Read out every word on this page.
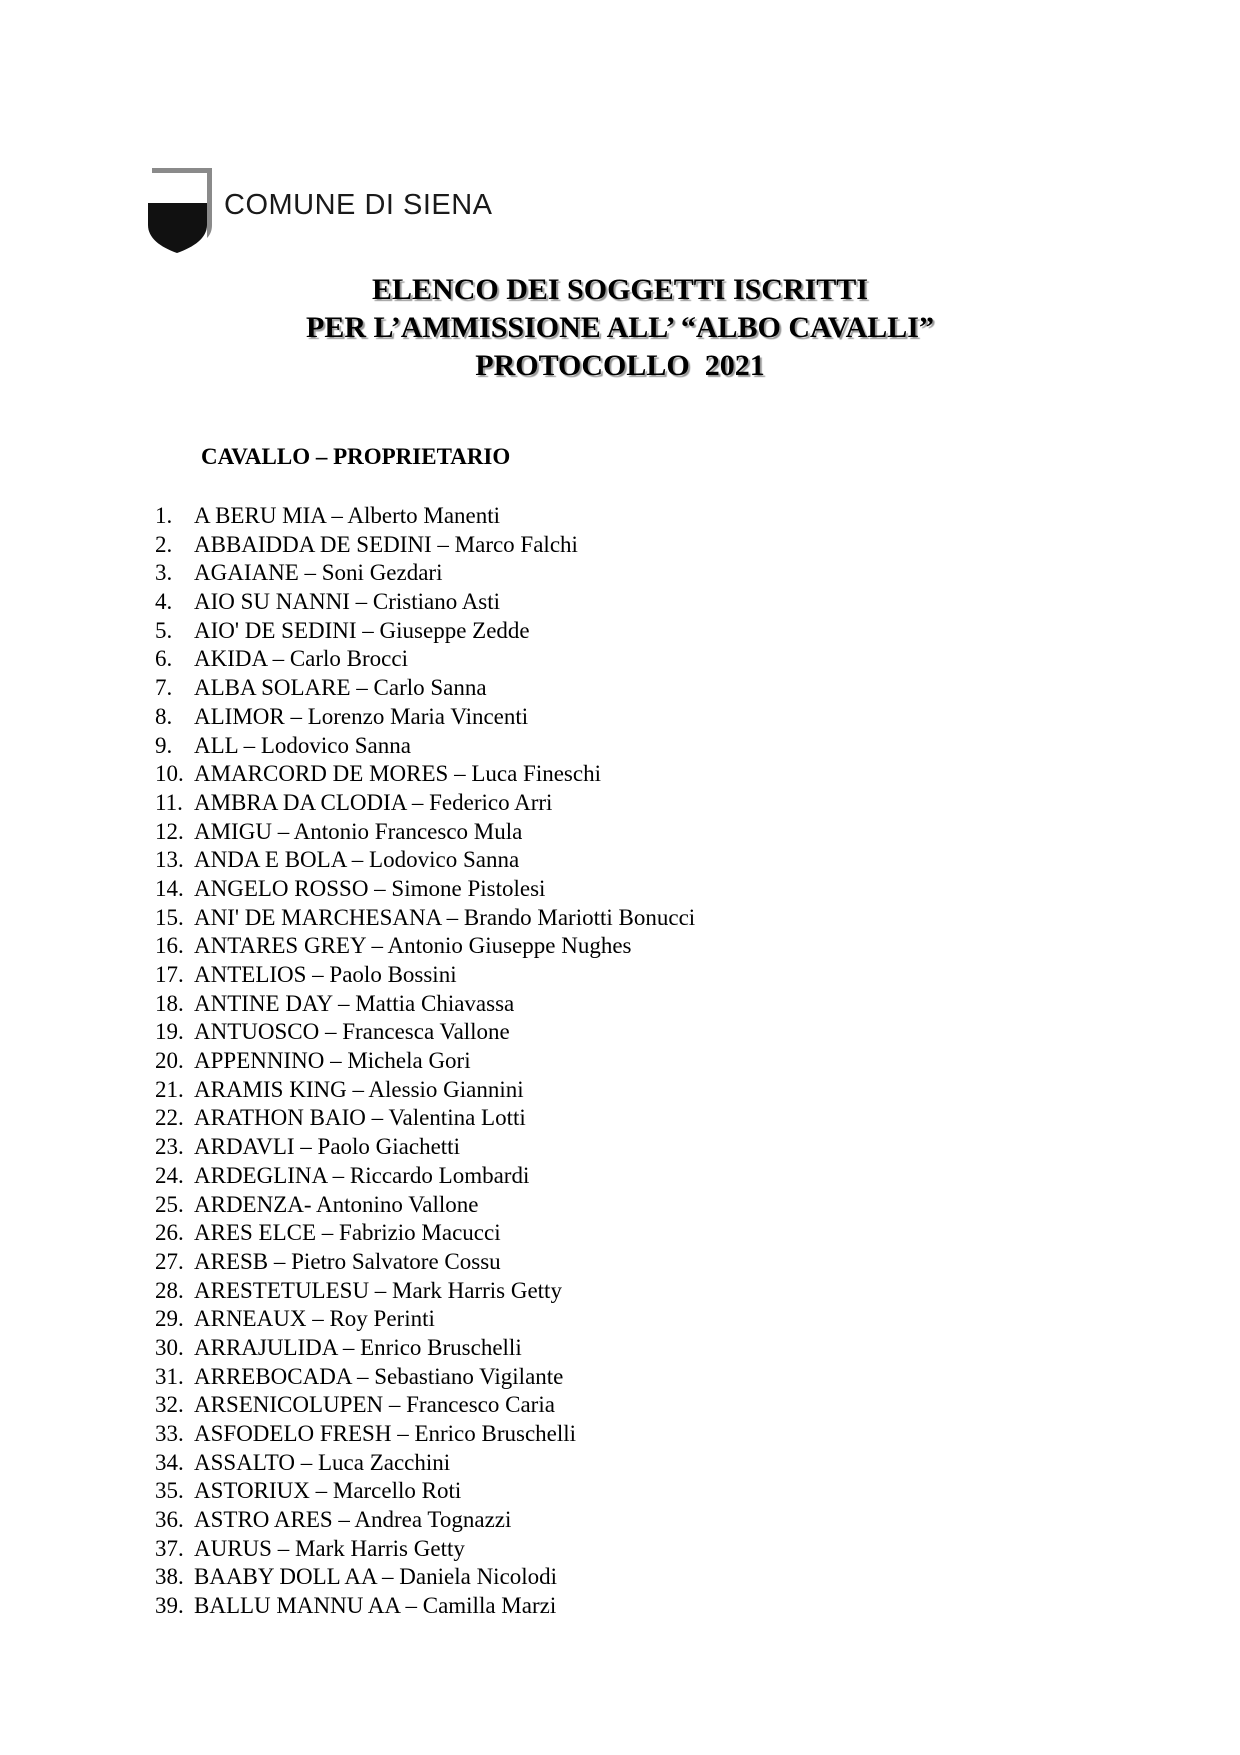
COMUNE DI SIENA
ELENCO DEI SOGGETTI ISCRITTI
PER L’AMMISSIONE ALL’ “ALBO CAVALLI”
PROTOCOLLO  2021
CAVALLO – PROPRIETARIO
1. A BERU MIA – Alberto Manenti
2. ABBAIDDA DE SEDINI – Marco Falchi
3. AGAIANE – Soni Gezdari
4. AIO SU NANNI – Cristiano Asti
5. AIO' DE SEDINI – Giuseppe Zedde
6. AKIDA – Carlo Brocci
7. ALBA SOLARE – Carlo Sanna
8. ALIMOR – Lorenzo Maria Vincenti
9. ALL – Lodovico Sanna
10. AMARCORD DE MORES – Luca Fineschi
11. AMBRA DA CLODIA – Federico Arri
12. AMIGU – Antonio Francesco Mula
13. ANDA E BOLA – Lodovico Sanna
14. ANGELO ROSSO – Simone Pistolesi
15. ANI' DE MARCHESANA – Brando Mariotti Bonucci
16. ANTARES GREY – Antonio Giuseppe Nughes
17. ANTELIOS – Paolo Bossini
18. ANTINE DAY – Mattia Chiavassa
19. ANTUOSCO – Francesca Vallone
20. APPENNINO – Michela Gori
21. ARAMIS KING – Alessio Giannini
22. ARATHON BAIO – Valentina Lotti
23. ARDAVLI – Paolo Giachetti
24. ARDEGLINA – Riccardo Lombardi
25. ARDENZA- Antonino Vallone
26. ARES ELCE – Fabrizio Macucci
27. ARESB – Pietro Salvatore Cossu
28. ARESTETULESU – Mark Harris Getty
29. ARNEAUX – Roy Perinti
30. ARRAJULIDA – Enrico Bruschelli
31. ARREBOCADA – Sebastiano Vigilante
32. ARSENICOLUPEN – Francesco Caria
33. ASFODELO FRESH – Enrico Bruschelli
34. ASSALTO – Luca Zacchini
35. ASTORIUX – Marcello Roti
36. ASTRO ARES – Andrea Tognazzi
37. AURUS – Mark Harris Getty
38. BAABY DOLL AA – Daniela Nicolodi
39. BALLU MANNU AA – Camilla Marzi
